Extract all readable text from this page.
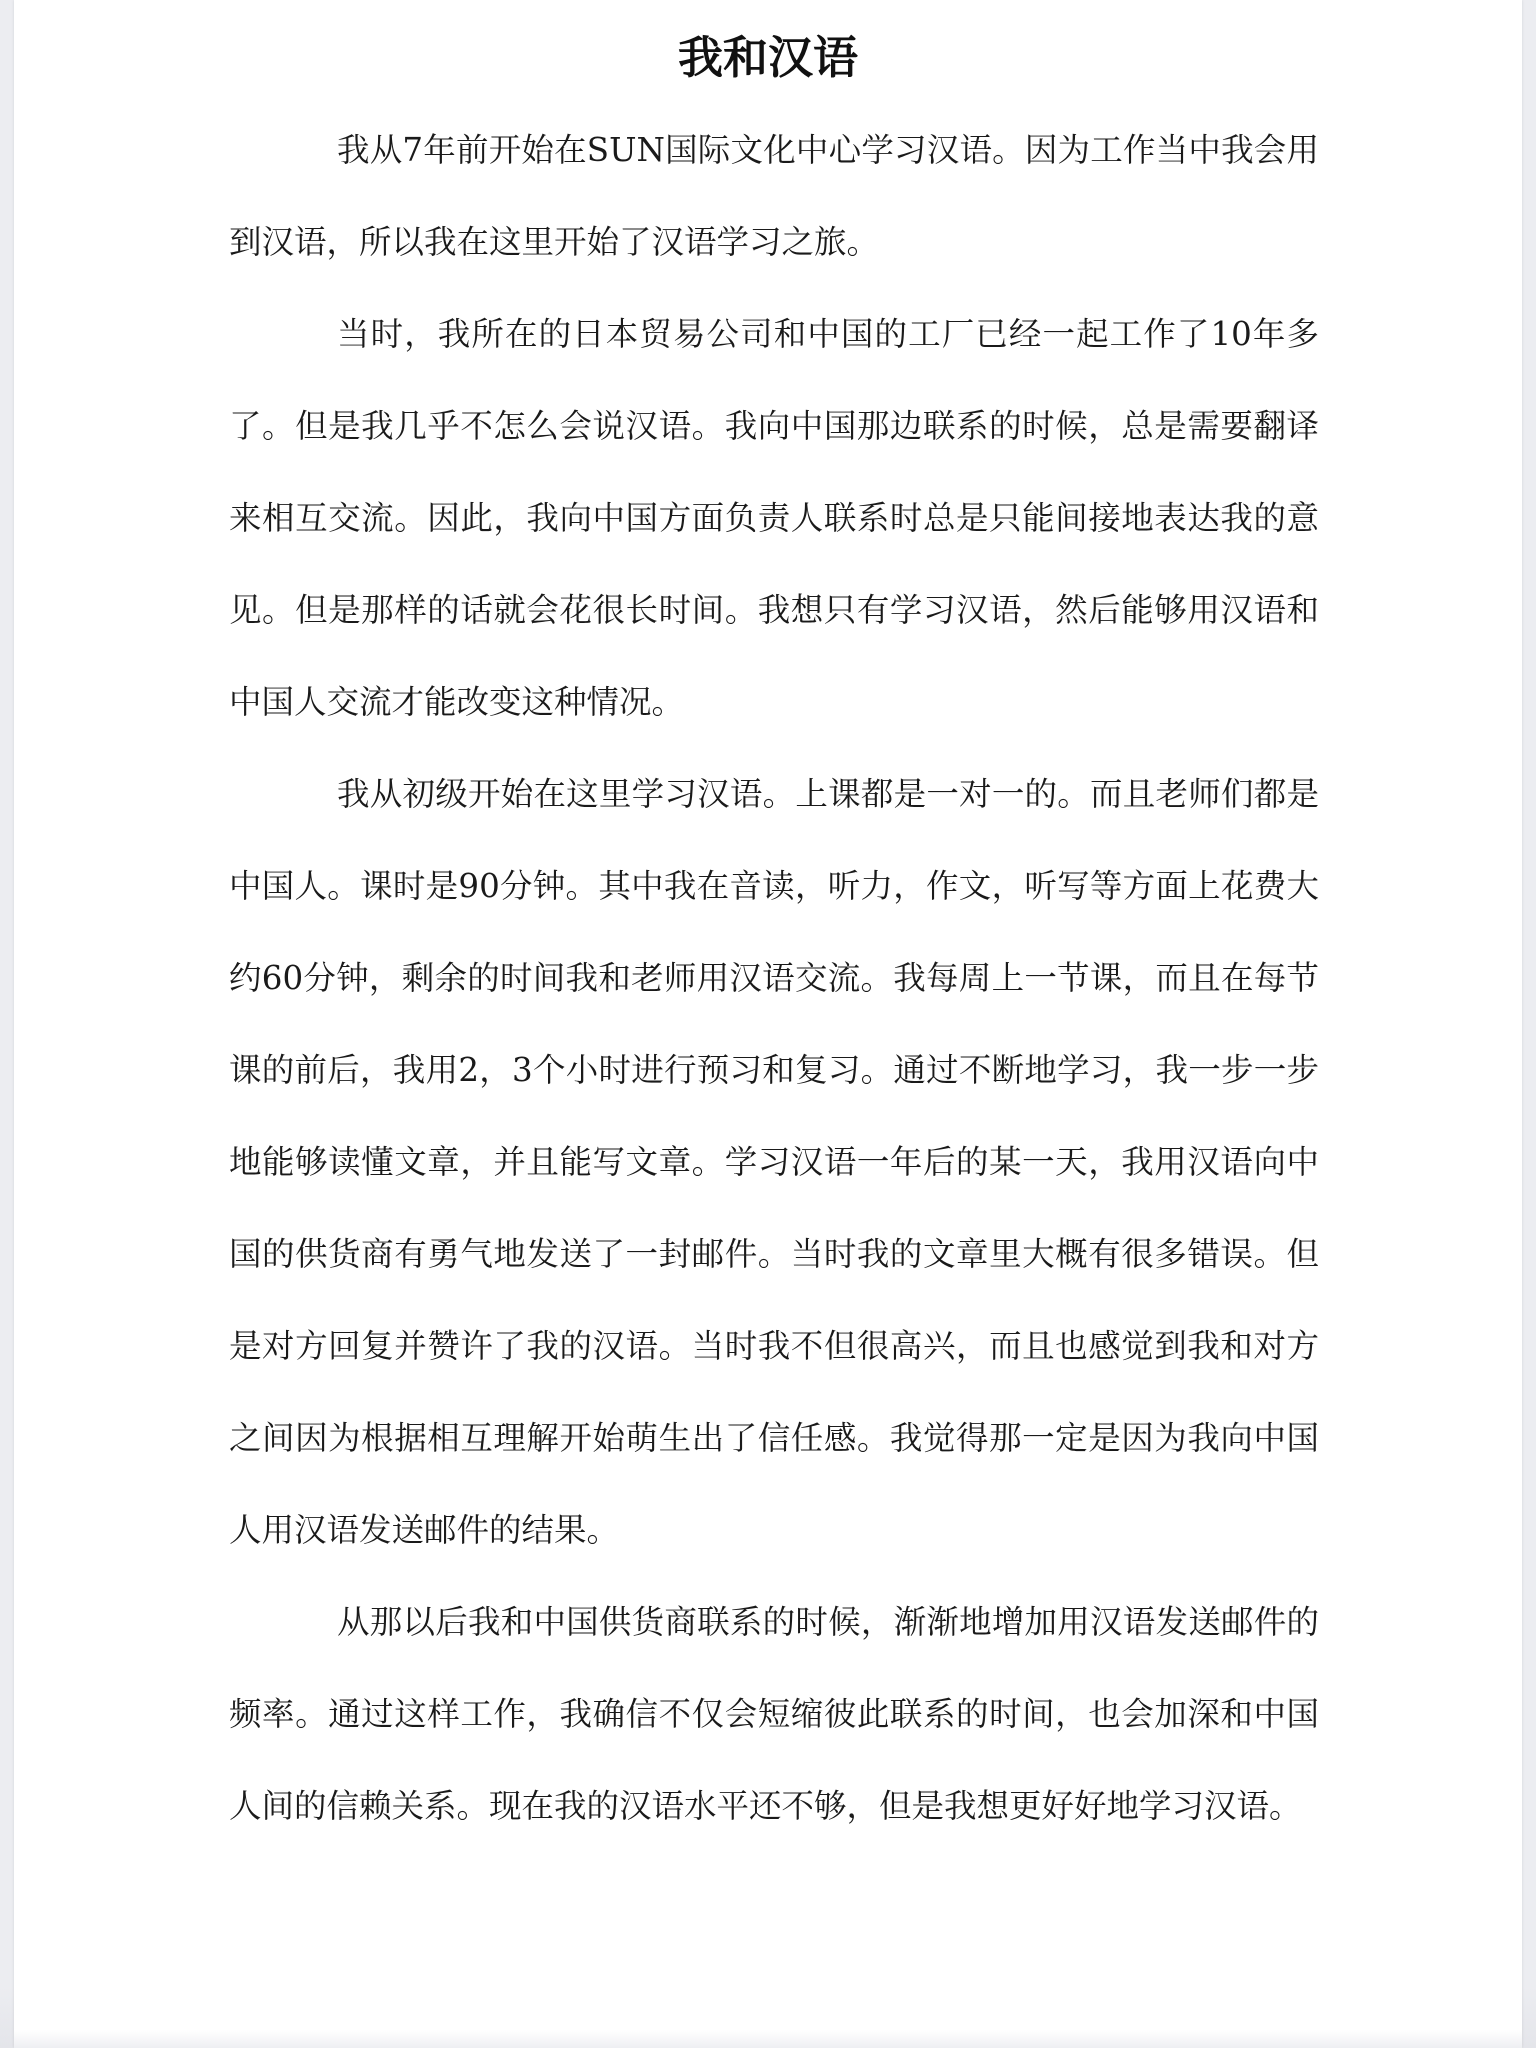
我和汉语

我从7年前开始在SUN国际文化中心学习汉语。因为工作当中我会用到汉语，所以我在这里开始了汉语学习之旅。

当时，我所在的日本贸易公司和中国的工厂已经一起工作了10年多了。但是我几乎不怎么会说汉语。我向中国那边联系的时候，总是需要翻译来相互交流。因此，我向中国方面负责人联系时总是只能间接地表达我的意见。但是那样的话就会花很长时间。我想只有学习汉语，然后能够用汉语和中国人交流才能改变这种情况。

我从初级开始在这里学习汉语。上课都是一对一的。而且老师们都是中国人。课时是90分钟。其中我在音读，听力，作文，听写等方面上花费大约60分钟，剩余的时间我和老师用汉语交流。我每周上一节课，而且在每节课的前后，我用2，3个小时进行预习和复习。通过不断地学习，我一步一步地能够读懂文章，并且能写文章。学习汉语一年后的某一天，我用汉语向中国的供货商有勇气地发送了一封邮件。当时我的文章里大概有很多错误。但是对方回复并赞许了我的汉语。当时我不但很高兴，而且也感觉到我和对方之间因为根据相互理解开始萌生出了信任感。我觉得那一定是因为我向中国人用汉语发送邮件的结果。

从那以后我和中国供货商联系的时候，渐渐地增加用汉语发送邮件的频率。通过这样工作，我确信不仅会短缩彼此联系的时间，也会加深和中国人间的信赖关系。现在我的汉语水平还不够，但是我想更好好地学习汉语。
